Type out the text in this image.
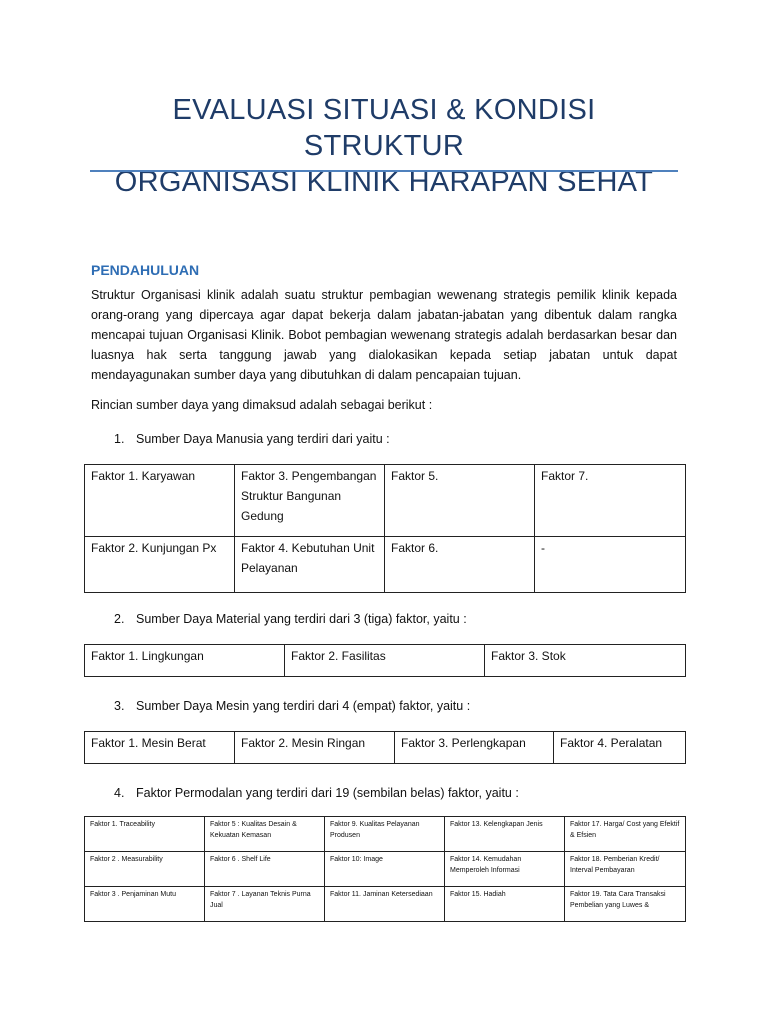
EVALUASI SITUASI & KONDISI STRUKTUR
ORGANISASI KLINIK HARAPAN SEHAT
PENDAHULUAN
Struktur Organisasi klinik adalah suatu struktur pembagian wewenang strategis pemilik klinik kepada orang-orang yang dipercaya agar dapat bekerja dalam jabatan-jabatan yang dibentuk dalam rangka mencapai tujuan Organisasi Klinik. Bobot pembagian wewenang strategis adalah berdasarkan besar dan luasnya hak serta tanggung jawab yang dialokasikan kepada setiap jabatan untuk dapat mendayagunakan sumber daya yang dibutuhkan di dalam pencapaian tujuan.
Rincian sumber daya yang dimaksud adalah sebagai berikut :
1. Sumber Daya Manusia yang terdiri dari yaitu :
Faktor 1. Karyawan	Faktor 3. Pengembangan Struktur Bangunan Gedung	Faktor 5.	Faktor 7.
Faktor 2. Kunjungan Px	Faktor 4. Kebutuhan Unit Pelayanan	Faktor 6.	-
2. Sumber Daya Material yang terdiri dari 3 (tiga) faktor, yaitu :
Faktor 1. Lingkungan	Faktor 2. Fasilitas	Faktor 3. Stok
3. Sumber Daya Mesin yang terdiri dari 4 (empat) faktor, yaitu :
Faktor 1. Mesin Berat	Faktor 2. Mesin Ringan	Faktor 3. Perlengkapan	Faktor 4. Peralatan
4. Faktor Permodalan yang terdiri dari 19 (sembilan belas) faktor, yaitu :
Faktor 1. Traceability	Faktor 5 : Kualitas Desain & Kekuatan Kemasan	Faktor 9. Kualitas Pelayanan Produsen	Faktor 13. Kelengkapan Jenis	Faktor 17. Harga/ Cost yang Efektif & Efsien
Faktor 2 . Measurability	Faktor 6 . Shelf Life	Faktor 10: Image	Faktor 14. Kemudahan Memperoleh Informasi	Faktor 18. Pemberian Kredit/ Interval Pembayaran
Faktor 3 . Penjaminan Mutu	Faktor 7 . Layanan Teknis Purna Jual	Faktor 11. Jaminan Ketersediaan	Faktor 15. Hadiah	Faktor 19. Tata Cara Transaksi Pembelian yang Luwes &
